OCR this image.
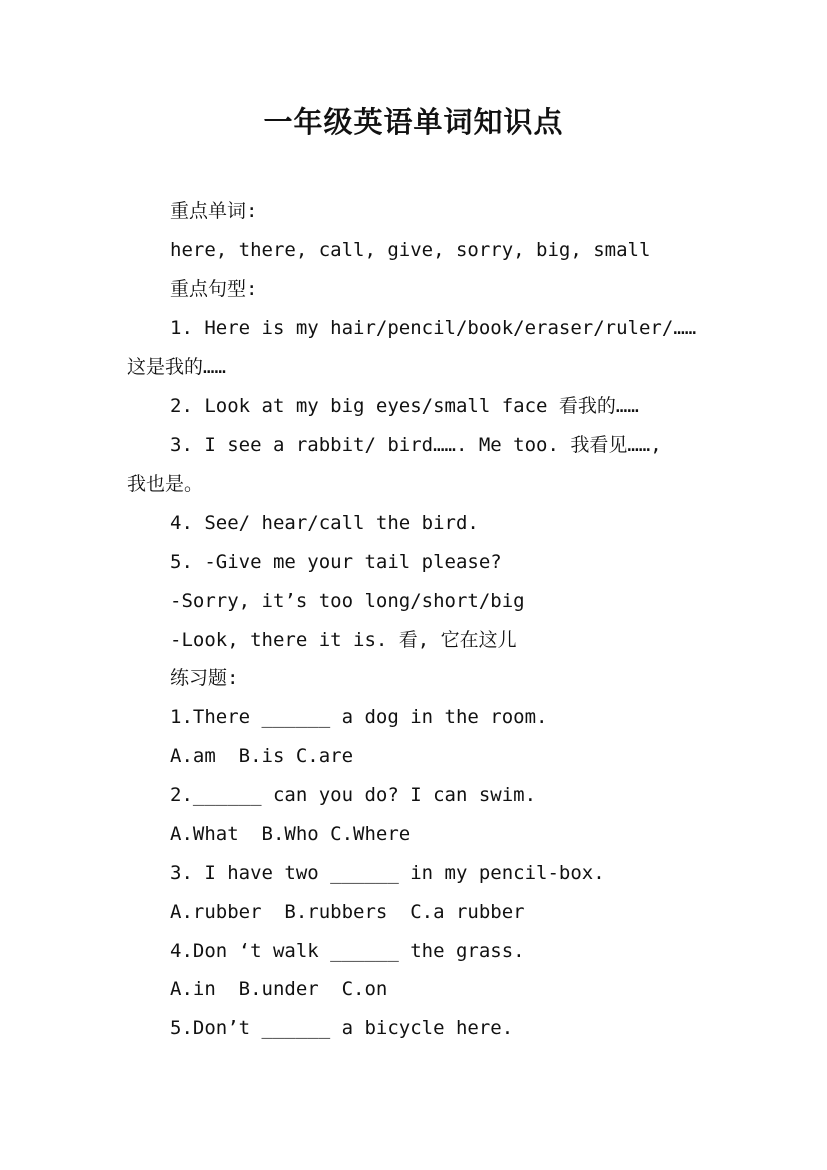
一年级英语单词知识点
重点单词:
here, there, call, give, sorry, big, small
重点句型:
1. Here is my hair/pencil/book/eraser/ruler/……
这是我的……
2. Look at my big eyes/small face 看我的……
3. I see a rabbit/ bird……. Me too. 我看见……,
我也是。
4. See/ hear/call the bird.
5. -Give me your tail please?
-Sorry, it’s too long/short/big
-Look, there it is. 看, 它在这儿
练习题:
1.There ______ a dog in the room.
A.am  B.is C.are
2.______ can you do? I can swim.
A.What  B.Who C.Where
3. I have two ______ in my pencil-box.
A.rubber  B.rubbers  C.a rubber
4.Don ‘t walk ______ the grass.
A.in  B.under  C.on
5.Don’t ______ a bicycle here.
